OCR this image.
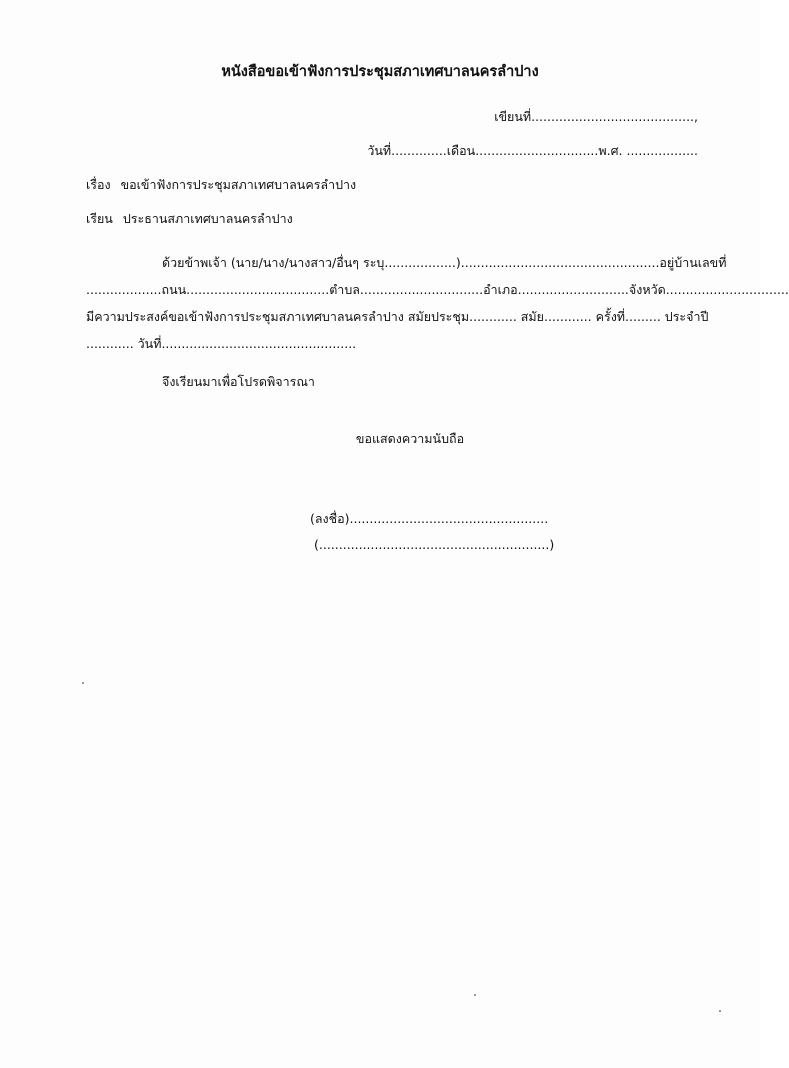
หนังสือขอเข้าฟังการประชุมสภาเทศบาลนครลำปาง
เขียนที่.........................................,
วันที่..............เดือน...............................พ.ศ. ..................
เรื่อง ขอเข้าฟังการประชุมสภาเทศบาลนครลำปาง
เรียน ประธานสภาเทศบาลนครลำปาง
ด้วยข้าพเจ้า (นาย/นาง/นางสาว/อื่นๆ ระบุ..................)..................................................อยู่บ้านเลขที่
...................ถนน....................................ตำบล...............................อำเภอ............................จังหวัด...............................
มีความประสงค์ขอเข้าฟังการประชุมสภาเทศบาลนครลำปาง สมัยประชุม............ สมัย............ ครั้งที่......... ประจำปี
............ วันที่.................................................
จึงเรียนมาเพื่อโปรดพิจารณา
ขอแสดงความนับถือ
(ลงชื่อ)..................................................
(..........................................................)
